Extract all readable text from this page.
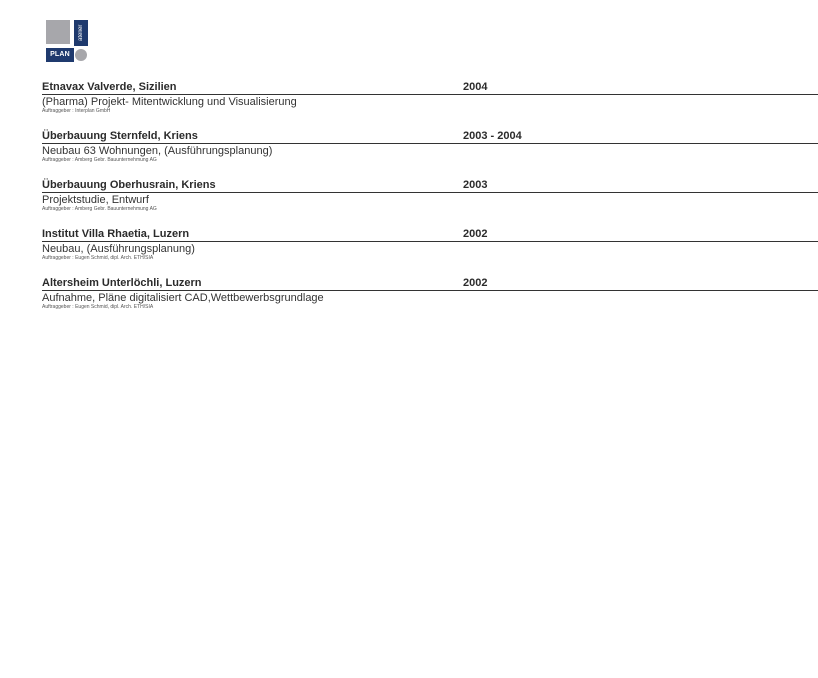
atelier
PLAN
Etnavax Valverde, Sizilien	2004
(Pharma) Projekt- Mitentwicklung und Visualisierung
Auftraggeber : Interplan GmbH
Überbauung Sternfeld, Kriens	2003 - 2004
Neubau 63 Wohnungen, (Ausführungsplanung)
Auftraggeber : Amberg Gebr. Bauunternehmung AG
Überbauung Oberhusrain, Kriens	2003
Projektstudie, Entwurf
Auftraggeber : Amberg Gebr. Bauunternehmung AG
Institut Villa Rhaetia, Luzern	2002
Neubau, (Ausführungsplanung)
Auftraggeber : Eugen Schmid, dipl. Arch. ETH/SIA
Altersheim Unterlöchli, Luzern	2002
Aufnahme, Pläne digitalisiert CAD,Wettbewerbsgrundlage
Auftraggeber : Eugen Schmid, dipl. Arch. ETH/SIA
